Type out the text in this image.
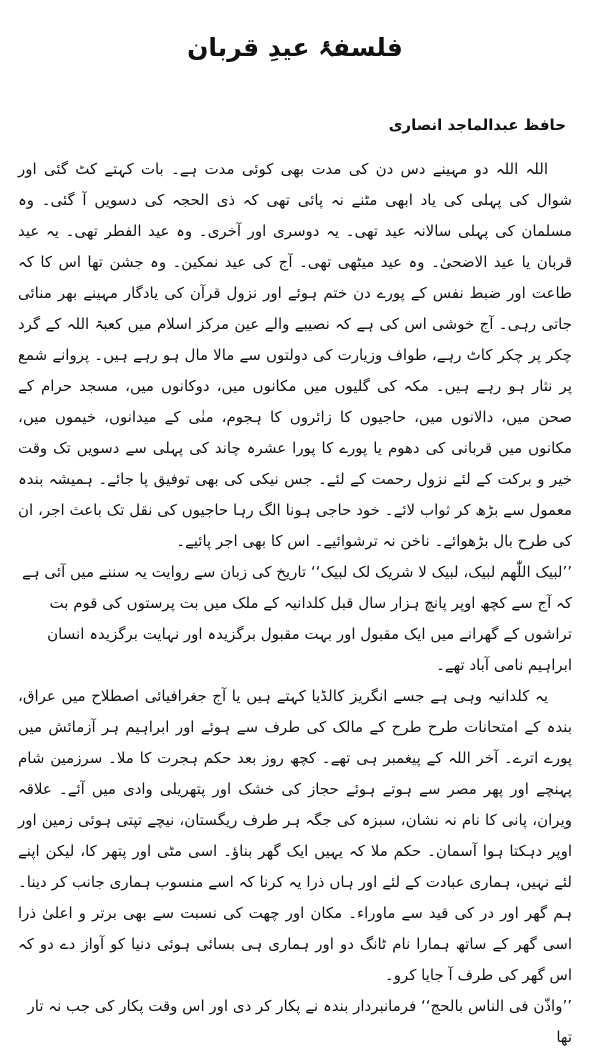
فلسفۂ عیدِ قربان
حافظ عبدالماجد انصاری

اللہ اللہ دو مہینے دس دن کی مدت بھی کوئی مدت ہے۔ بات کہتے کٹ گئی اور شوال کی پہلی کی یاد ابھی مٹنے نہ پائی تھی کہ ذی الحجہ کی دسویں آ گئی۔ وہ مسلمان کی پہلی سالانہ عید تھی۔ یہ دوسری اور آخری۔ وہ عید الفطر تھی۔ یہ عید قربان یا عید الاضحیٰ۔ وہ عید میٹھی تھی۔ آج کی عید نمکین۔ وہ جشن تھا اس کا کہ طاعت اور ضبط نفس کے پورے دن ختم ہوئے اور نزول قرآن کی یادگار مہینے بھر منائی جاتی رہی۔ آج خوشی اس کی ہے کہ نصیبے والے عین مرکز اسلام میں کعبۃ اللہ کے گرد چکر پر چکر کاٹ رہے، طواف وزیارت کی دولتوں سے مالا مال ہو رہے ہیں۔ پروانے شمع پر نثار ہو رہے ہیں۔ مکہ کی گلیوں میں مکانوں میں، دوکانوں میں، مسجد حرام کے صحن میں، دالانوں میں، حاجیوں کا زائروں کا ہجوم، منٰی کے میدانوں، خیموں میں، مکانوں میں قربانی کی دھوم یا پورے کا پورا عشرہ چاند کی پہلی سے دسویں تک وقت خیر و برکت کے لئے نزول رحمت کے لئے۔ جس نیکی کی بھی توفیق پا جائے۔ ہمیشہ بندہ معمول سے بڑھ کر ثواب لائے۔ خود حاجی ہونا الگ رہا حاجیوں کی نقل تک باعث اجر، ان کی طرح بال بڑھوائے۔ ناخن نہ ترشوائیے۔ اس کا بھی اجر پائیے۔

’’لبیک اللّٰھم لبیک، لبیک لا شریک لک لبیک‘‘ تاریخ کی زبان سے روایت یہ سننے میں آئی ہے کہ آج سے کچھ اوپر پانچ ہزار سال قبل کلدانیہ کے ملک میں بت پرستوں کی قوم بت تراشوں کے گھرانے میں ایک مقبول اور بہت مقبول برگزیدہ اور نہایت برگزیدہ انسان ابراہیم نامی آباد تھے۔

یہ کلدانیہ وہی ہے جسے انگریز کالڈیا کہتے ہیں یا آج جغرافیائی اصطلاح میں عراق، بندہ کے امتحانات طرح طرح کے مالک کی طرف سے ہوئے اور ابراہیم ہر آزمائش میں پورے اترے۔ آخر اللہ کے پیغمبر ہی تھے۔ کچھ روز بعد حکم ہجرت کا ملا۔ سرزمین شام پہنچے اور پھر مصر سے ہوتے ہوئے حجاز کی خشک اور پتھریلی وادی میں آئے۔ علاقہ ویران، پانی کا نام نہ نشان، سبزہ کی جگہ ہر طرف ریگستان، نیچے تپتی ہوئی زمین اور اوپر دہکتا ہوا آسمان۔ حکم ملا کہ یہیں ایک گھر بناؤ۔ اسی مٹی اور پتھر کا، لیکن اپنے لئے نہیں، ہماری عبادت کے لئے اور ہاں ذرا یہ کرنا کہ اسے منسوب ہماری جانب کر دینا۔ ہم گھر اور در کی قید سے ماوراء۔ مکان اور چھت کی نسبت سے بھی برتر و اعلیٰ ذرا اسی گھر کے ساتھ ہمارا نام ٹانگ دو اور ہماری ہی بسائی ہوئی دنیا کو آواز دے دو کہ اس گھر کی طرف آ جایا کرو۔

’’واذّن فی الناس بالحج‘‘ فرمانبردار بندہ نے پکار کر دی اور اس وقت پکار کی جب نہ تار تھا
